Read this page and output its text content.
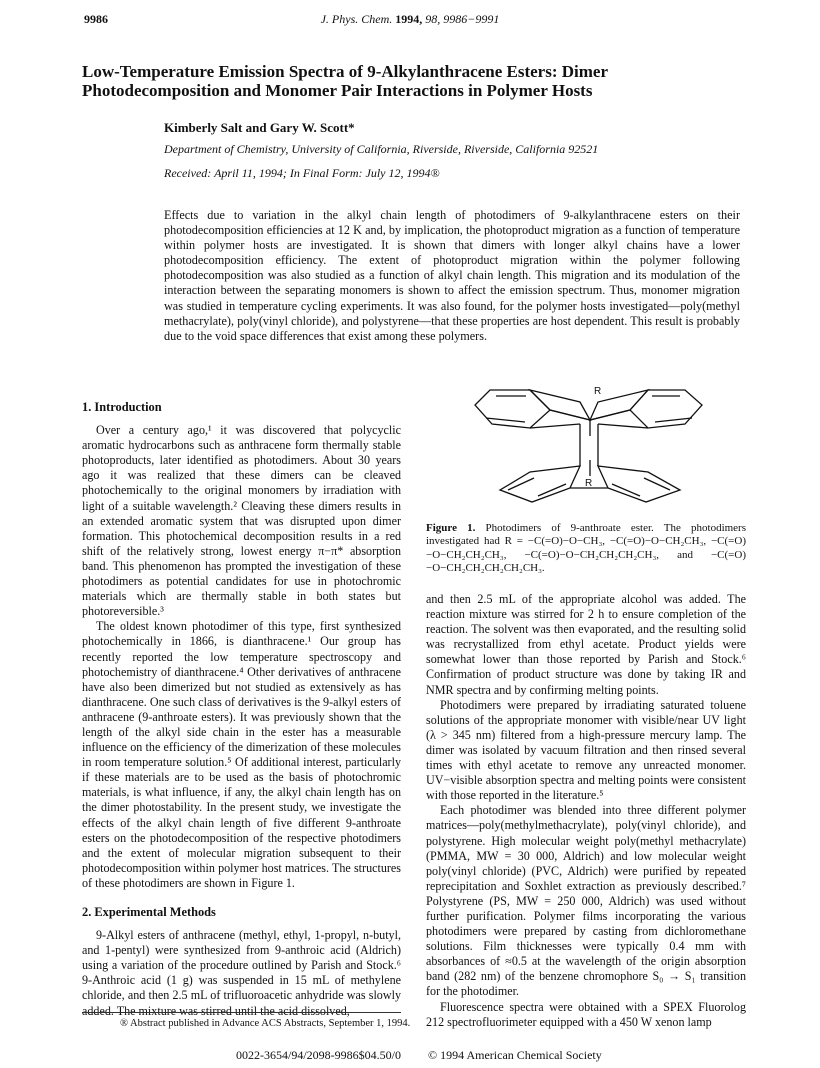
9986	J. Phys. Chem. 1994, 98, 9986−9991
Low-Temperature Emission Spectra of 9-Alkylanthracene Esters: Dimer Photodecomposition and Monomer Pair Interactions in Polymer Hosts
Kimberly Salt and Gary W. Scott*
Department of Chemistry, University of California, Riverside, Riverside, California 92521
Received: April 11, 1994; In Final Form: July 12, 1994®
Effects due to variation in the alkyl chain length of photodimers of 9-alkylanthracene esters on their photodecomposition efficiencies at 12 K and, by implication, the photoproduct migration as a function of temperature within polymer hosts are investigated. It is shown that dimers with longer alkyl chains have a lower photodecomposition efficiency. The extent of photoproduct migration within the polymer following photodecomposition was also studied as a function of alkyl chain length. This migration and its modulation of the interaction between the separating monomers is shown to affect the emission spectrum. Thus, monomer migration was studied in temperature cycling experiments. It was also found, for the polymer hosts investigated—poly(methyl methacrylate), poly(vinyl chloride), and polystyrene—that these properties are host dependent. This result is probably due to the void space differences that exist among these polymers.
1. Introduction

Over a century ago,¹ it was discovered that polycyclic aromatic hydrocarbons such as anthracene form thermally stable photoproducts, later identified as photodimers. About 30 years ago it was realized that these dimers can be cleaved photochemically to the original monomers by irradiation with light of a suitable wavelength.² Cleaving these dimers results in an extended aromatic system that was disrupted upon dimer formation. This photochemical decomposition results in a red shift of the relatively strong, lowest energy π−π* absorption band. This phenomenon has prompted the investigation of these photodimers as potential candidates for use in photochromic materials which are thermally stable in both states but photoreversible.³

The oldest known photodimer of this type, first synthesized photochemically in 1866, is dianthracene.¹ Our group has recently reported the low temperature spectroscopy and photochemistry of dianthracene.⁴ Other derivatives of anthracene have also been dimerized but not studied as extensively as has dianthracene. One such class of derivatives is the 9-alkyl esters of anthracene (9-anthroate esters). It was previously shown that the length of the alkyl side chain in the ester has a measurable influence on the efficiency of the dimerization of these molecules in room temperature solution.⁵ Of additional interest, particularly if these materials are to be used as the basis of photochromic materials, is what influence, if any, the alkyl chain length has on the dimer photostability. In the present study, we investigate the effects of the alkyl chain length of five different 9-anthroate esters on the photodecomposition of the respective photodimers and the extent of molecular migration subsequent to their photodecomposition within polymer host matrices. The structures of these photodimers are shown in Figure 1.

2. Experimental Methods

9-Alkyl esters of anthracene (methyl, ethyl, 1-propyl, n-butyl, and 1-pentyl) were synthesized from 9-anthroic acid (Aldrich) using a variation of the procedure outlined by Parish and Stock.⁶ 9-Anthroic acid (1 g) was suspended in 15 mL of methylene chloride, and then 2.5 mL of trifluoroacetic anhydride was slowly added. The mixture was stirred until the acid dissolved,

R
R
Figure 1. Photodimers of 9-anthroate ester. The photodimers investigated had R = −C(=O)−O−CH₃, −C(=O)−O−CH₂CH₃, −C(=O)−O−CH₂CH₂CH₃, −C(=O)−O−CH₂CH₂CH₂CH₃, and −C(=O)−O−CH₂CH₂CH₂CH₂CH₃.

and then 2.5 mL of the appropriate alcohol was added. The reaction mixture was stirred for 2 h to ensure completion of the reaction. The solvent was then evaporated, and the resulting solid was recrystallized from ethyl acetate. Product yields were somewhat lower than those reported by Parish and Stock.⁶ Confirmation of product structure was done by taking IR and NMR spectra and by confirming melting points.

Photodimers were prepared by irradiating saturated toluene solutions of the appropriate monomer with visible/near UV light (λ > 345 nm) filtered from a high-pressure mercury lamp. The dimer was isolated by vacuum filtration and then rinsed several times with ethyl acetate to remove any unreacted monomer. UV−visible absorption spectra and melting points were consistent with those reported in the literature.⁵

Each photodimer was blended into three different polymer matrices—poly(methylmethacrylate), poly(vinyl chloride), and polystyrene. High molecular weight poly(methyl methacrylate) (PMMA, MW = 30 000, Aldrich) and low molecular weight poly(vinyl chloride) (PVC, Aldrich) were purified by repeated reprecipitation and Soxhlet extraction as previously described.⁷ Polystyrene (PS, MW = 250 000, Aldrich) was used without further purification. Polymer films incorporating the various photodimers were prepared by casting from dichloromethane solutions. Film thicknesses were typically 0.4 mm with absorbances of ≈0.5 at the wavelength of the origin absorption band (282 nm) of the benzene chromophore S₀ → S₁ transition for the photodimer.

Fluorescence spectra were obtained with a SPEX Fluorolog 212 spectrofluorimeter equipped with a 450 W xenon lamp

® Abstract published in Advance ACS Abstracts, September 1, 1994.
0022-3654/94/2098-9986$04.50/0 © 1994 American Chemical Society
